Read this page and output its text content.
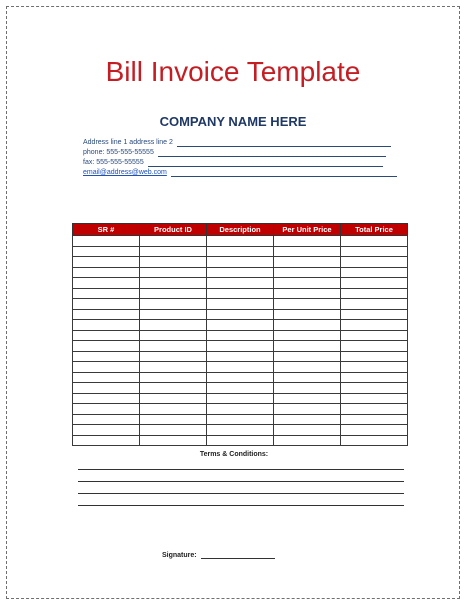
Bill Invoice Template
COMPANY NAME HERE
Address line 1 address line 2
phone: 555-555-55555
fax: 555-555-55555
email@address@web.com
SR #	Product ID	Description	Per Unit Price	Total Price

Terms & Conditions:
Signature:
